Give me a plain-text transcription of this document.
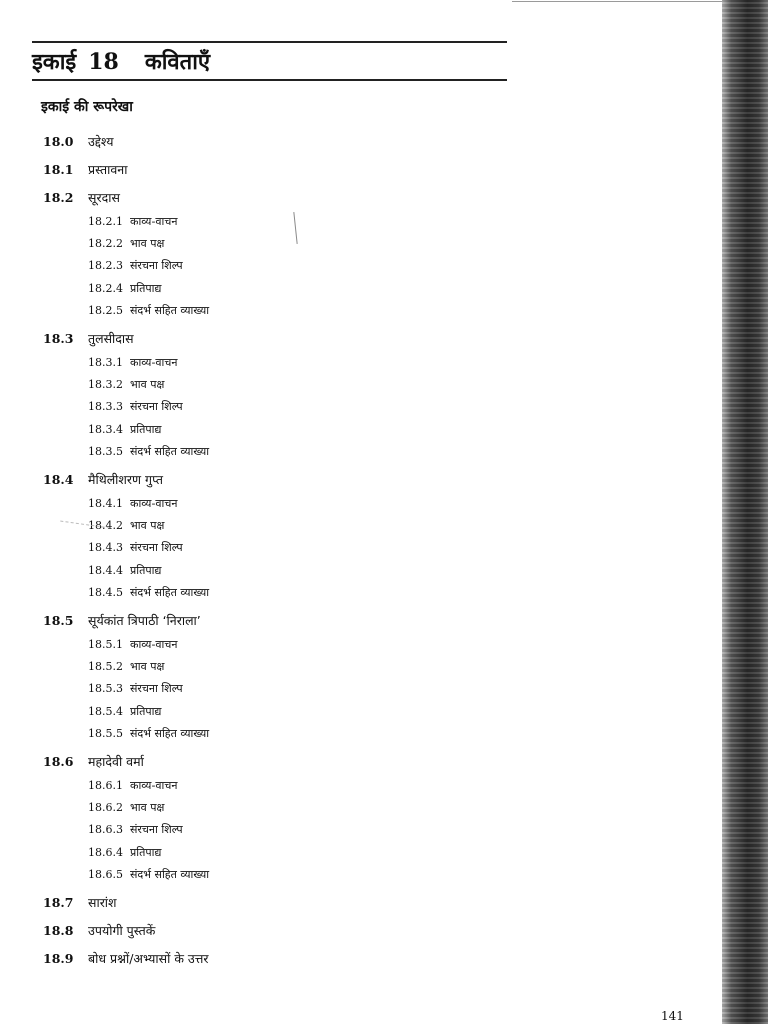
इकाई 18 कविताएँ
इकाई की रूपरेखा
18.0 उद्देश्य
18.1 प्रस्तावना
18.2 सूरदास
18.2.1 काव्य-वाचन
18.2.2 भाव पक्ष
18.2.3 संरचना शिल्प
18.2.4 प्रतिपाद्य
18.2.5 संदर्भ सहित व्याख्या
18.3 तुलसीदास
18.3.1 काव्य-वाचन
18.3.2 भाव पक्ष
18.3.3 संरचना शिल्प
18.3.4 प्रतिपाद्य
18.3.5 संदर्भ सहित व्याख्या
18.4 मैथिलीशरण गुप्त
18.4.1 काव्य-वाचन
18.4.2 भाव पक्ष
18.4.3 संरचना शिल्प
18.4.4 प्रतिपाद्य
18.4.5 संदर्भ सहित व्याख्या
18.5 सूर्यकांत त्रिपाठी ‘निराला’
18.5.1 काव्य-वाचन
18.5.2 भाव पक्ष
18.5.3 संरचना शिल्प
18.5.4 प्रतिपाद्य
18.5.5 संदर्भ सहित व्याख्या
18.6 महादेवी वर्मा
18.6.1 काव्य-वाचन
18.6.2 भाव पक्ष
18.6.3 संरचना शिल्प
18.6.4 प्रतिपाद्य
18.6.5 संदर्भ सहित व्याख्या
18.7 सारांश
18.8 उपयोगी पुस्तकें
18.9 बोध प्रश्नों/अभ्यासों के उत्तर
141
